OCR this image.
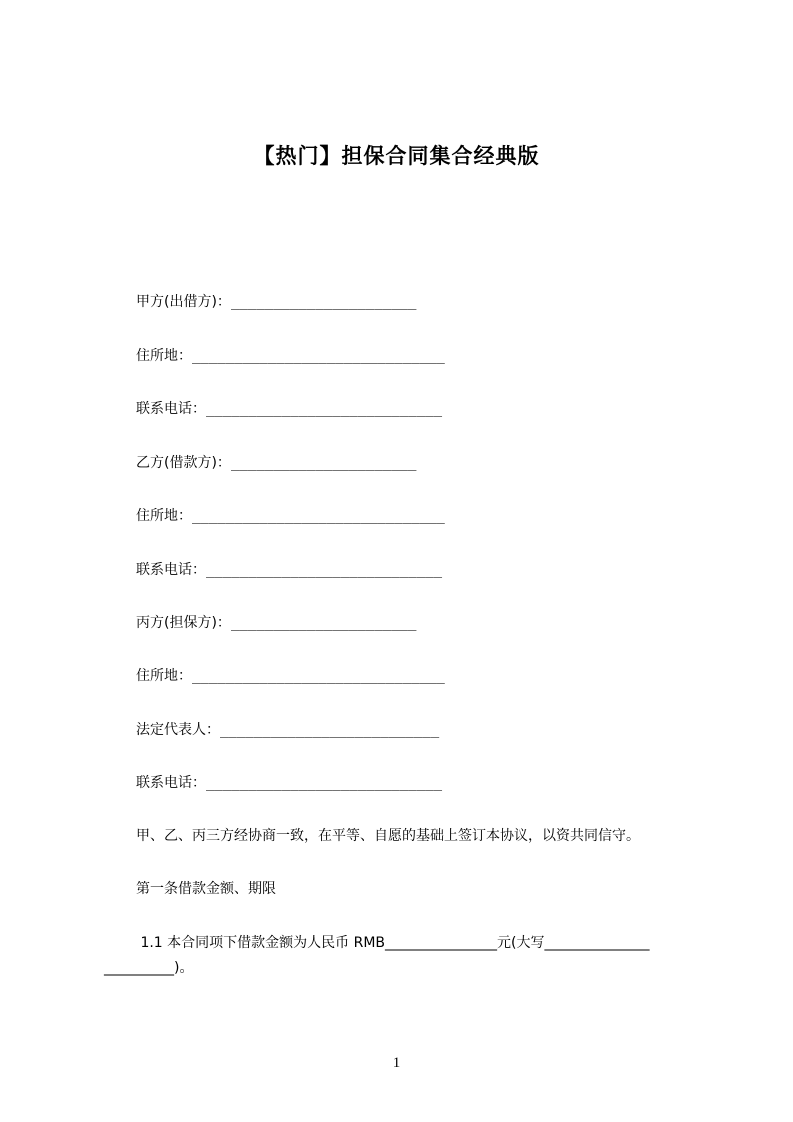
【热门】担保合同集合经典版
甲方(出借方)：______________________
住所地：______________________________
联系电话：____________________________
乙方(借款方)：______________________
住所地：______________________________
联系电话：____________________________
丙方(担保方)：______________________
住所地：______________________________
法定代表人：__________________________
联系电话：____________________________
甲、乙、丙三方经协商一致，在平等、自愿的基础上签订本协议，以资共同信守。
第一条借款金额、期限
1.1 本合同项下借款金额为人民币 RMB________________元(大写_______________
__________)。
1
